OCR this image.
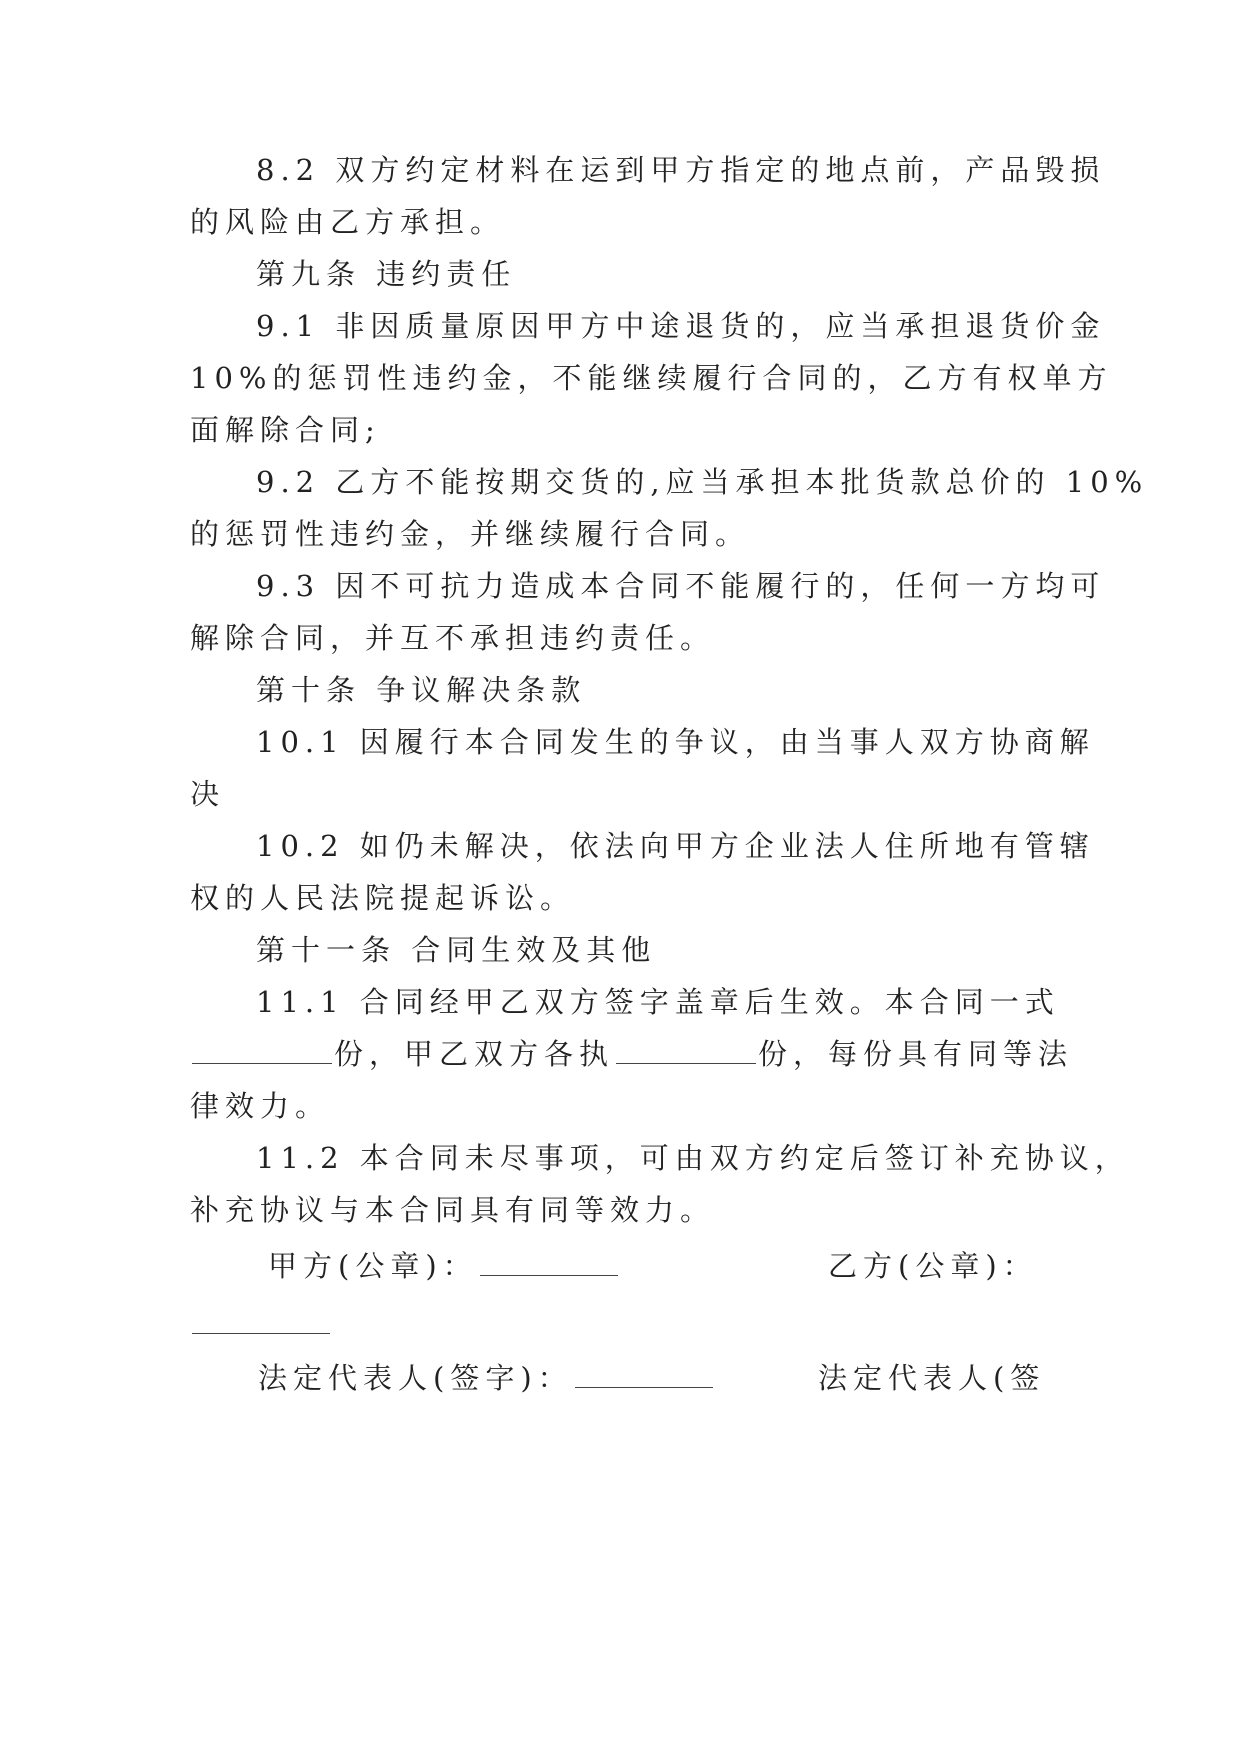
8.2 双方约定材料在运到甲方指定的地点前，产品毁损
的风险由乙方承担。
第九条 违约责任
9.1 非因质量原因甲方中途退货的，应当承担退货价金
10%的惩罚性违约金，不能继续履行合同的，乙方有权单方
面解除合同;
9.2 乙方不能按期交货的,应当承担本批货款总价的 10%
的惩罚性违约金，并继续履行合同。
9.3 因不可抗力造成本合同不能履行的，任何一方均可
解除合同，并互不承担违约责任。
第十条 争议解决条款
10.1 因履行本合同发生的争议，由当事人双方协商解
决
10.2 如仍未解决，依法向甲方企业法人住所地有管辖
权的人民法院提起诉讼。
第十一条 合同生效及其他
11.1 合同经甲乙双方签字盖章后生效。本合同一式
份，甲乙双方各执	份，每份具有同等法
律效力。
11.2 本合同未尽事项，可由双方约定后签订补充协议，
补充协议与本合同具有同等效力。
甲方(公章)：	乙方(公章)：
法定代表人(签字)：	法定代表人(签
